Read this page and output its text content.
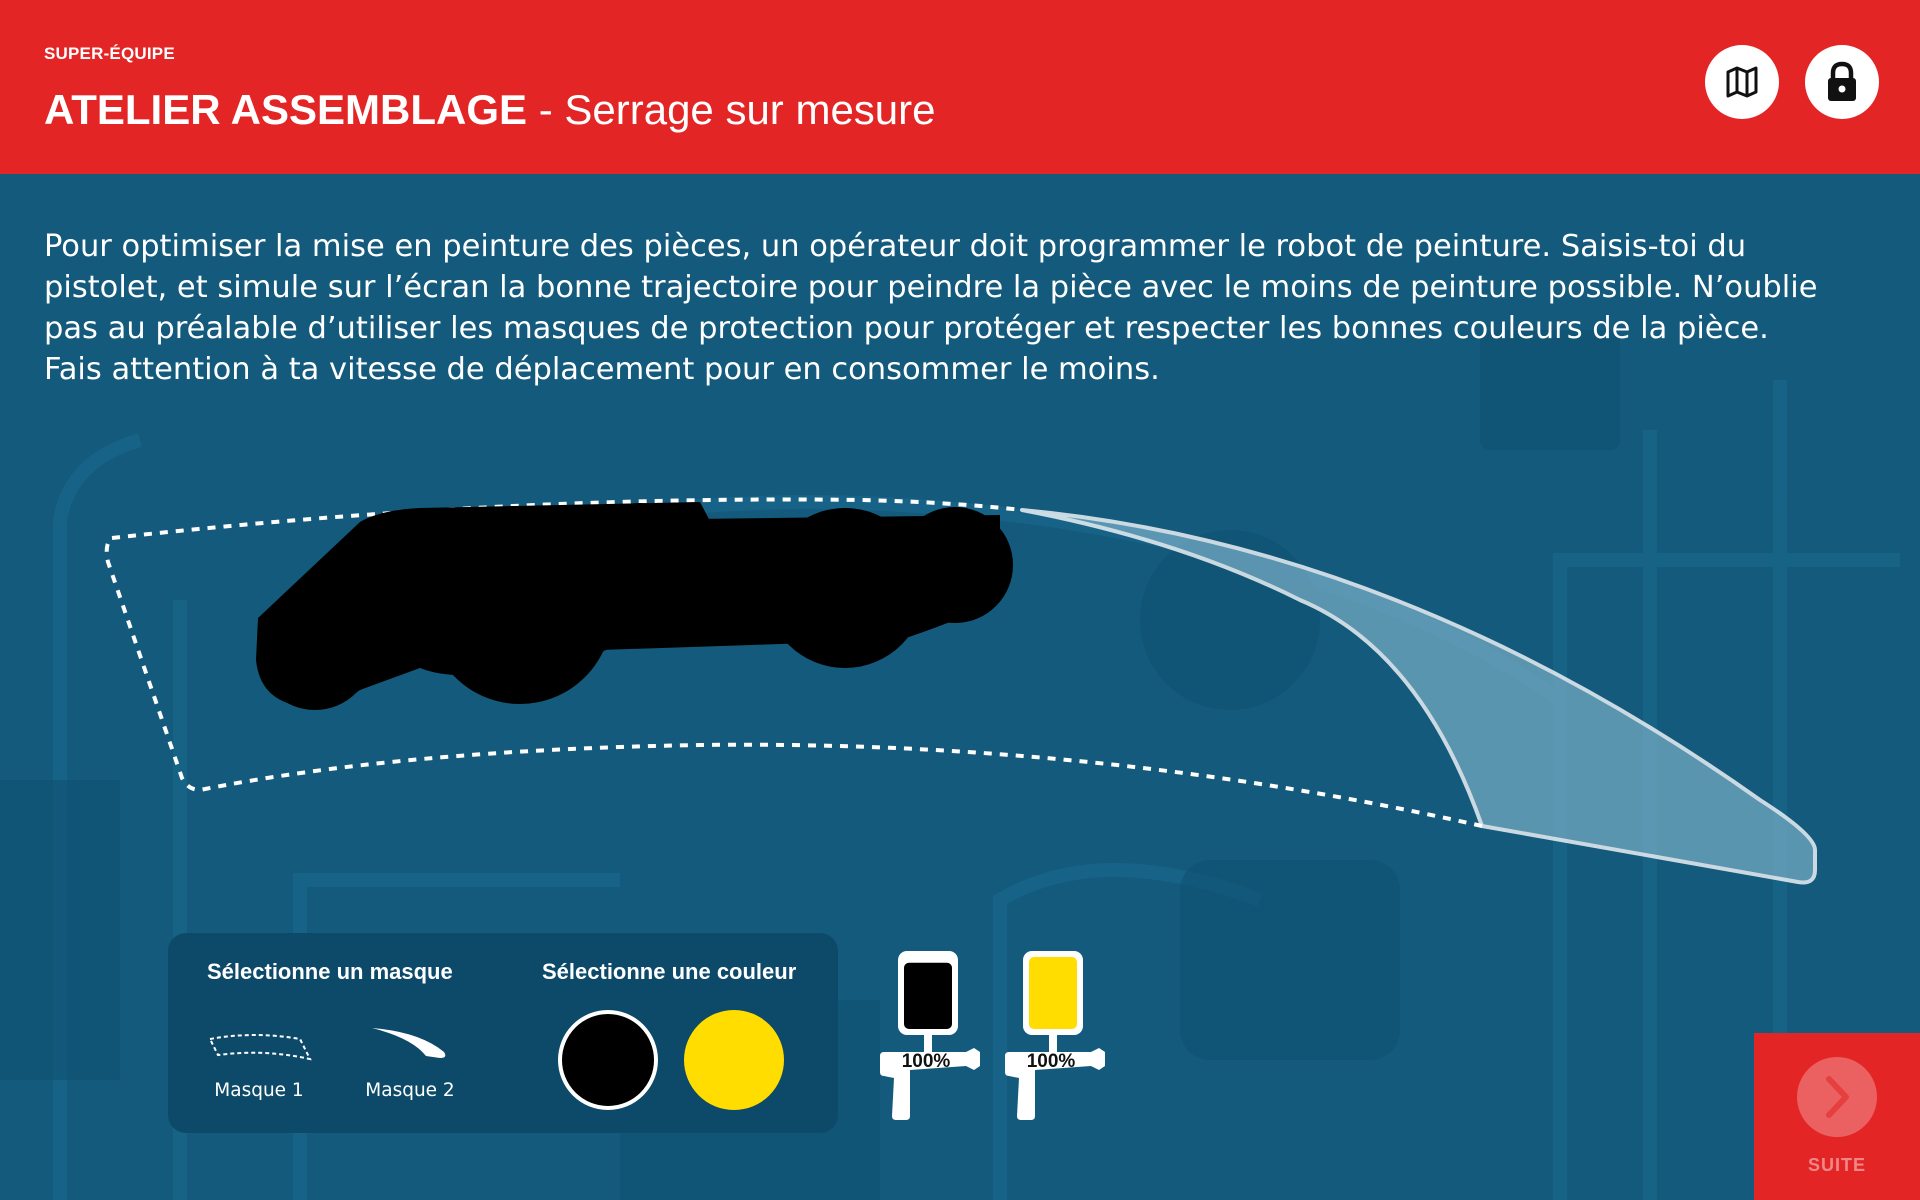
SUPER-ÉQUIPE
ATELIER ASSEMBLAGE - Serrage sur mesure
Pour optimiser la mise en peinture des pièces, un opérateur doit programmer le robot de peinture. Saisis-toi du pistolet, et simule sur l’écran la bonne trajectoire pour peindre la pièce avec le moins de peinture possible. N’oublie pas au préalable d’utiliser les masques de protection pour protéger et respecter les bonnes couleurs de la pièce. Fais attention à ta vitesse de déplacement pour en consommer le moins.
Sélectionne un masque	Sélectionne une couleur
Masque 1	Masque 2
100%	100%
SUITE
